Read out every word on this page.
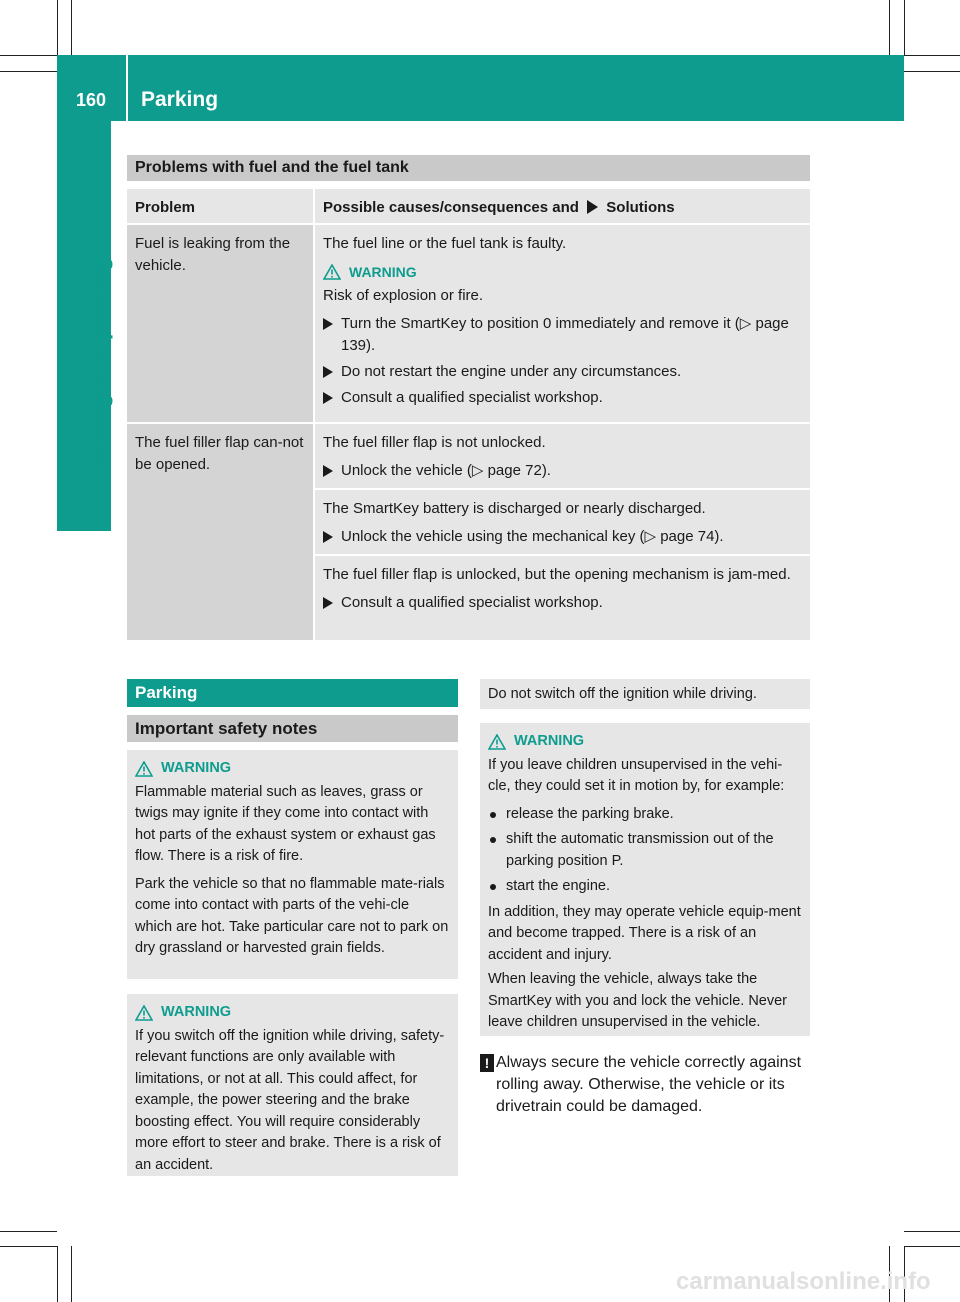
160	Parking
Driving and parking
Problems with fuel and the fuel tank
Problem	Possible causes/consequences and Solutions
Fuel is leaking from the vehicle.
The fuel line or the fuel tank is faulty.
WARNING
Risk of explosion or fire.
Turn the SmartKey to position 0 immediately and remove it (▷ page 139).
Do not restart the engine under any circumstances.
Consult a qualified specialist workshop.
The fuel filler flap can-not be opened.
The fuel filler flap is not unlocked.
Unlock the vehicle (▷ page 72).
The SmartKey battery is discharged or nearly discharged.
Unlock the vehicle using the mechanical key (▷ page 74).
The fuel filler flap is unlocked, but the opening mechanism is jam-med.
Consult a qualified specialist workshop.
Parking
Important safety notes
WARNING
Flammable material such as leaves, grass or twigs may ignite if they come into contact with hot parts of the exhaust system or exhaust gas flow. There is a risk of fire.
Park the vehicle so that no flammable mate-rials come into contact with parts of the vehi-cle which are hot. Take particular care not to park on dry grassland or harvested grain fields.
WARNING
If you switch off the ignition while driving, safety-relevant functions are only available with limitations, or not at all. This could affect, for example, the power steering and the brake boosting effect. You will require considerably more effort to steer and brake. There is a risk of an accident.
Do not switch off the ignition while driving.
WARNING
If you leave children unsupervised in the vehi-cle, they could set it in motion by, for example:
release the parking brake.
shift the automatic transmission out of the parking position P.
start the engine.
In addition, they may operate vehicle equip-ment and become trapped. There is a risk of an accident and injury.
When leaving the vehicle, always take the SmartKey with you and lock the vehicle. Never leave children unsupervised in the vehicle.
! Always secure the vehicle correctly against rolling away. Otherwise, the vehicle or its drivetrain could be damaged.
carmanualsonline.info
